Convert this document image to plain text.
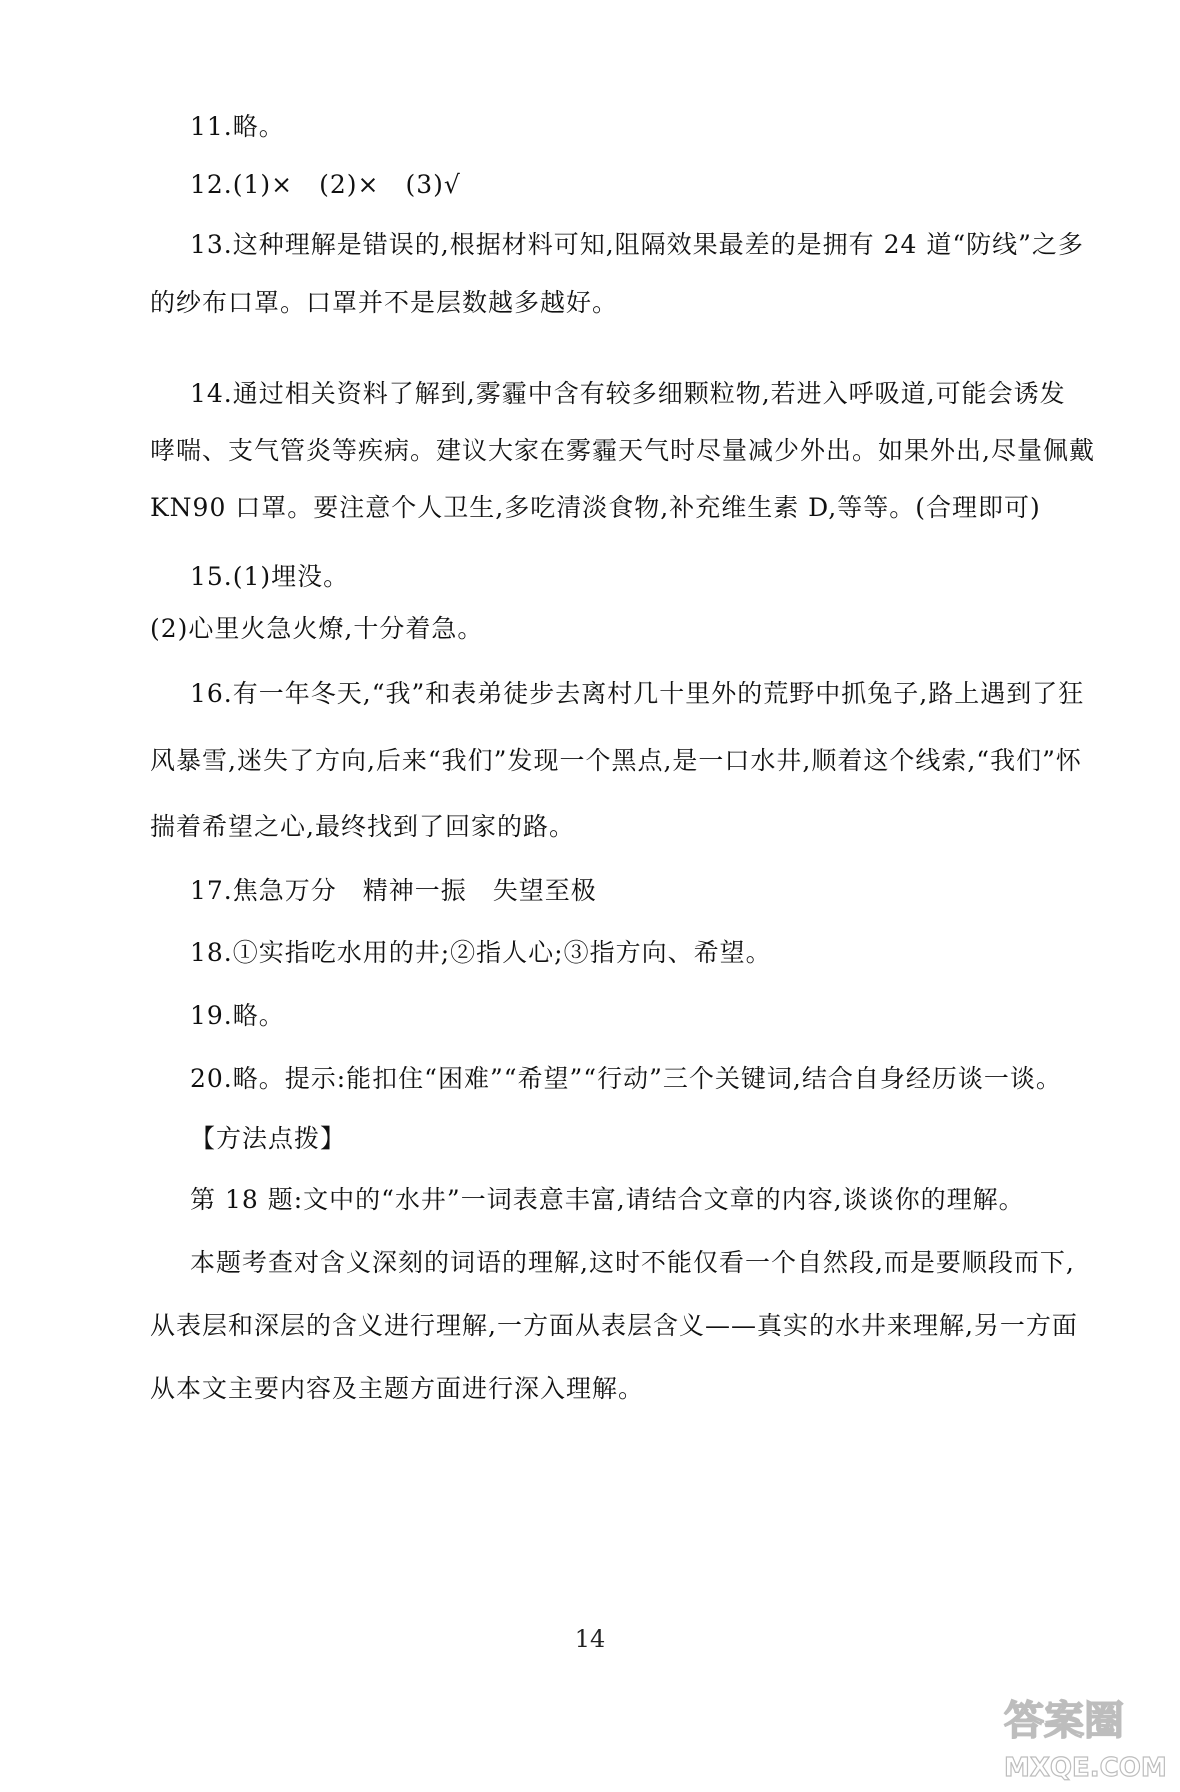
11.略。
12.(1)×　(2)×　(3)√
13.这种理解是错误的,根据材料可知,阻隔效果最差的是拥有 24 道“防线”之多
的纱布口罩。口罩并不是层数越多越好。
14.通过相关资料了解到,雾霾中含有较多细颗粒物,若进入呼吸道,可能会诱发
哮喘、支气管炎等疾病。建议大家在雾霾天气时尽量减少外出。如果外出,尽量佩戴
KN90 口罩。要注意个人卫生,多吃清淡食物,补充维生素 D,等等。(合理即可)
15.(1)埋没。
(2)心里火急火燎,十分着急。
16.有一年冬天,“我”和表弟徒步去离村几十里外的荒野中抓兔子,路上遇到了狂
风暴雪,迷失了方向,后来“我们”发现一个黑点,是一口水井,顺着这个线索,“我们”怀
揣着希望之心,最终找到了回家的路。
17.焦急万分　精神一振　失望至极
18.①实指吃水用的井;②指人心;③指方向、希望。
19.略。
20.略。提示:能扣住“困难”“希望”“行动”三个关键词,结合自身经历谈一谈。
【方法点拨】
第 18 题:文中的“水井”一词表意丰富,请结合文章的内容,谈谈你的理解。
本题考查对含义深刻的词语的理解,这时不能仅看一个自然段,而是要顺段而下,
从表层和深层的含义进行理解,一方面从表层含义——真实的水井来理解,另一方面
从本文主要内容及主题方面进行深入理解。
14
答案圈
MXQE.COM
